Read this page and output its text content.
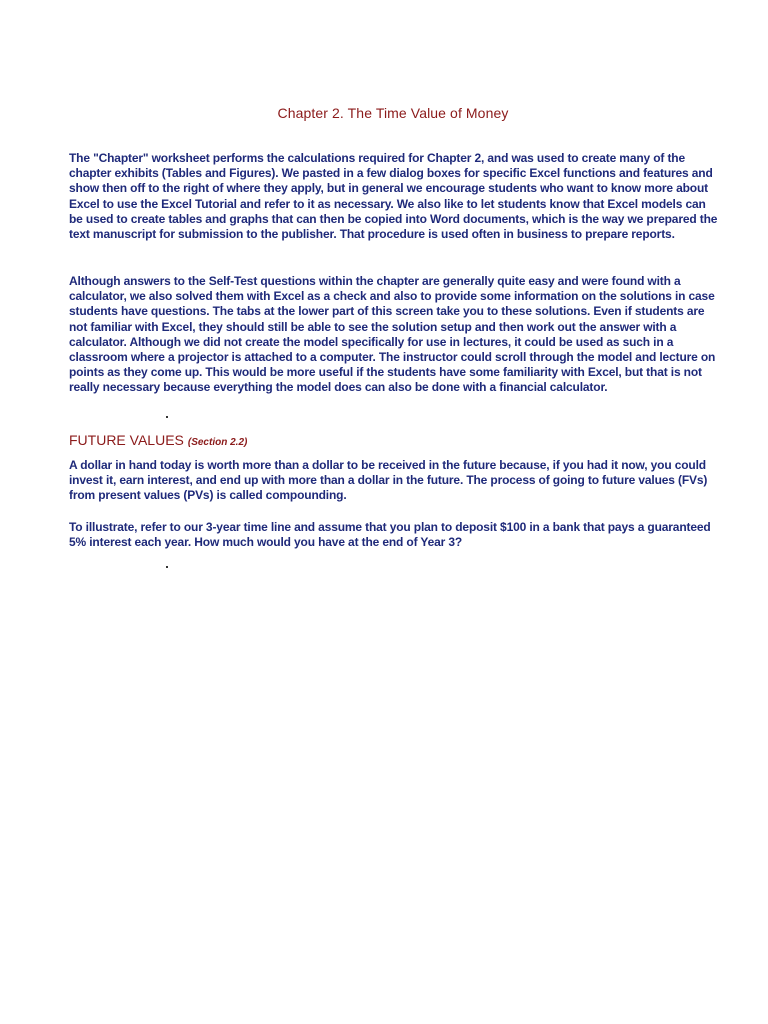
Chapter 2. The Time Value of Money

The "Chapter" worksheet performs the calculations required for Chapter 2, and was used to create many of the chapter exhibits (Tables and Figures). We pasted in a few dialog boxes for specific Excel functions and features and show then off to the right of where they apply, but in general we encourage students who want to know more about Excel to use the Excel Tutorial and refer to it as necessary. We also like to let students know that Excel models can be used to create tables and graphs that can then be copied into Word documents, which is the way we prepared the text manuscript for submission to the publisher. That procedure is used often in business to prepare reports.

Although answers to the Self-Test questions within the chapter are generally quite easy and were found with a calculator, we also solved them with Excel as a check and also to provide some information on the solutions in case students have questions. The tabs at the lower part of this screen take you to these solutions. Even if students are not familiar with Excel, they should still be able to see the solution setup and then work out the answer with a calculator. Although we did not create the model specifically for use in lectures, it could be used as such in a classroom where a projector is attached to a computer. The instructor could scroll through the model and lecture on points as they come up. This would be more useful if the students have some familiarity with Excel, but that is not really necessary because everything the model does can also be done with a financial calculator.

FUTURE VALUES (Section 2.2)

A dollar in hand today is worth more than a dollar to be received in the future because, if you had it now, you could invest it, earn interest, and end up with more than a dollar in the future. The process of going to future values (FVs) from present values (PVs) is called compounding.

To illustrate, refer to our 3-year time line and assume that you plan to deposit $100 in a bank that pays a guaranteed 5% interest each year. How much would you have at the end of Year 3?
